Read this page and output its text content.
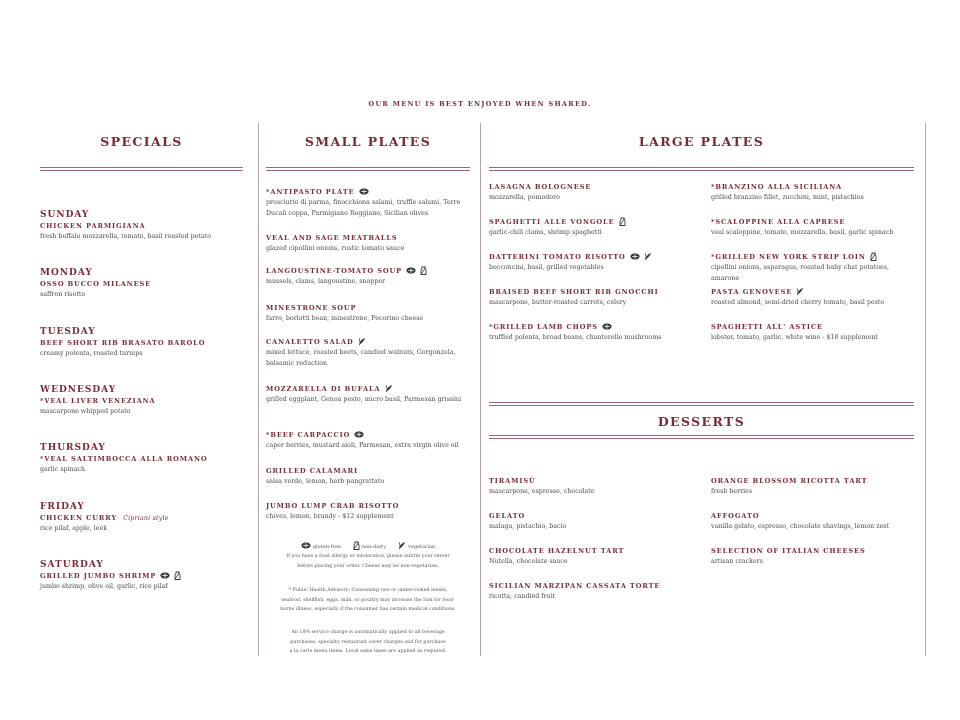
OUR MENU IS BEST ENJOYED WHEN SHARED.
SPECIALS
SUNDAY
CHICKEN PARMIGIANA
fresh buffalo mozzarella, tomato, basil roasted potato
MONDAY
OSSO BUCCO MILANESE
saffron risotto
TUESDAY
BEEF SHORT RIB BRASATO BAROLO
creamy polenta, roasted turnips
WEDNESDAY
*VEAL LIVER VENEZIANA
mascarpone whipped potato
THURSDAY
*VEAL SALTIMBOCCA ALLA ROMANO
garlic spinach
FRIDAY
CHICKEN CURRY Cipriani style
rice pilaf, apple, leek
SATURDAY
GRILLED JUMBO SHRIMP
jumbo shrimp, olive oil, garlic, rice pilaf
SMALL PLATES
*ANTIPASTO PLATE
prosciutto di parma, finocchiona salami, truffle salami, Terre Ducali coppa, Parmigiano Reggiano, Sicilian olives
VEAL AND SAGE MEATBALLS
glazed cipollini onions, rustic tomato sauce
LANGOUSTINE-TOMATO SOUP
mussels, clams, langoustine, snapper
MINESTRONE SOUP
farro, borlotti bean, minestrone, Pecorino cheese
CANALETTO SALAD
mixed lettuce, roasted beets, candied walnuts, Gorgonzola, balsamic reduction
MOZZARELLA DI BUFALA
grilled eggplant, Genoa pesto, micro basil, Parmesan grissini
*BEEF CARPACCIO
caper berries, mustard aioli, Parmesan, extra virgin olive oil
GRILLED CALAMARI
salsa verde, lemon, herb pangrattato
JUMBO LUMP CRAB RISOTTO
chives, lemon, brandy - $12 supplement
gluten-free	non-dairy	vegetarian
If you have a food allergy or intolerance, please inform your server
before placing your order. Cheese may be non-vegetarian.
* Public Health Advisory: Consuming raw or undercooked meats,
seafood, shellfish, eggs, milk, or poultry may increase the risk for food-
borne illness, especially if the consumer has certain medical conditions.
An 18% service charge is automatically applied to all beverage
purchases, specialty restaurant cover charges and for purchase
a la carte menu items. Local sales taxes are applied as required.
LARGE PLATES
LASAGNA BOLOGNESE
mozzarella, pomodoro
SPAGHETTI ALLE VONGOLE
garlic-chili clams, shrimp spaghetti
DATTERINI TOMATO RISOTTO
bocconcini, basil, grilled vegetables
BRAISED BEEF SHORT RIB GNOCCHI
mascarpone, butter-roasted carrots, celery
*GRILLED LAMB CHOPS
truffled polenta, broad beans, chanterelle mushrooms
*BRANZINO ALLA SICILIANA
grilled branzino fillet, zucchini, mint, pistachios
*SCALOPPINE ALLA CAPRESE
veal scaloppine, tomato, mozzarella, basil, garlic spinach
*GRILLED NEW YORK STRIP LOIN
cipollini onions, asparagus, roasted baby chat potatoes, amarone
PASTA GENOVESE
roasted almond, semi-dried cherry tomato, basil pesto
SPAGHETTI ALL' ASTICE
lobster, tomato, garlic, white wine - $18 supplement
DESSERTS
TIRAMISÙ
mascarpone, espresso, chocolate
GELATO
malaga, pistachio, bacio
CHOCOLATE HAZELNUT TART
Nutella, chocolate sauce
SICILIAN MARZIPAN CASSATA TORTE
ricotta, candied fruit
ORANGE BLOSSOM RICOTTA TART
fresh berries
AFFOGATO
vanilla gelato, espresso, chocolate shavings, lemon zest
SELECTION OF ITALIAN CHEESES
artisan crackers
